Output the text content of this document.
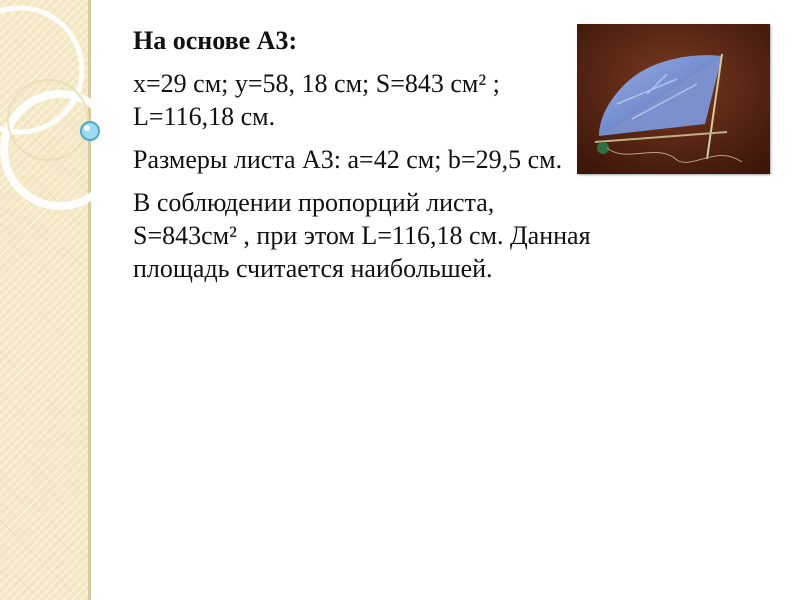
На основе А3:

x=29 см; y=58, 18 см; S=843 см² ; L=116,18 см.

Размеры листа А3: a=42 см; b=29,5 см.

В соблюдении пропорций листа, S=843см² , при этом L=116,18 см. Данная площадь считается наибольшей.
